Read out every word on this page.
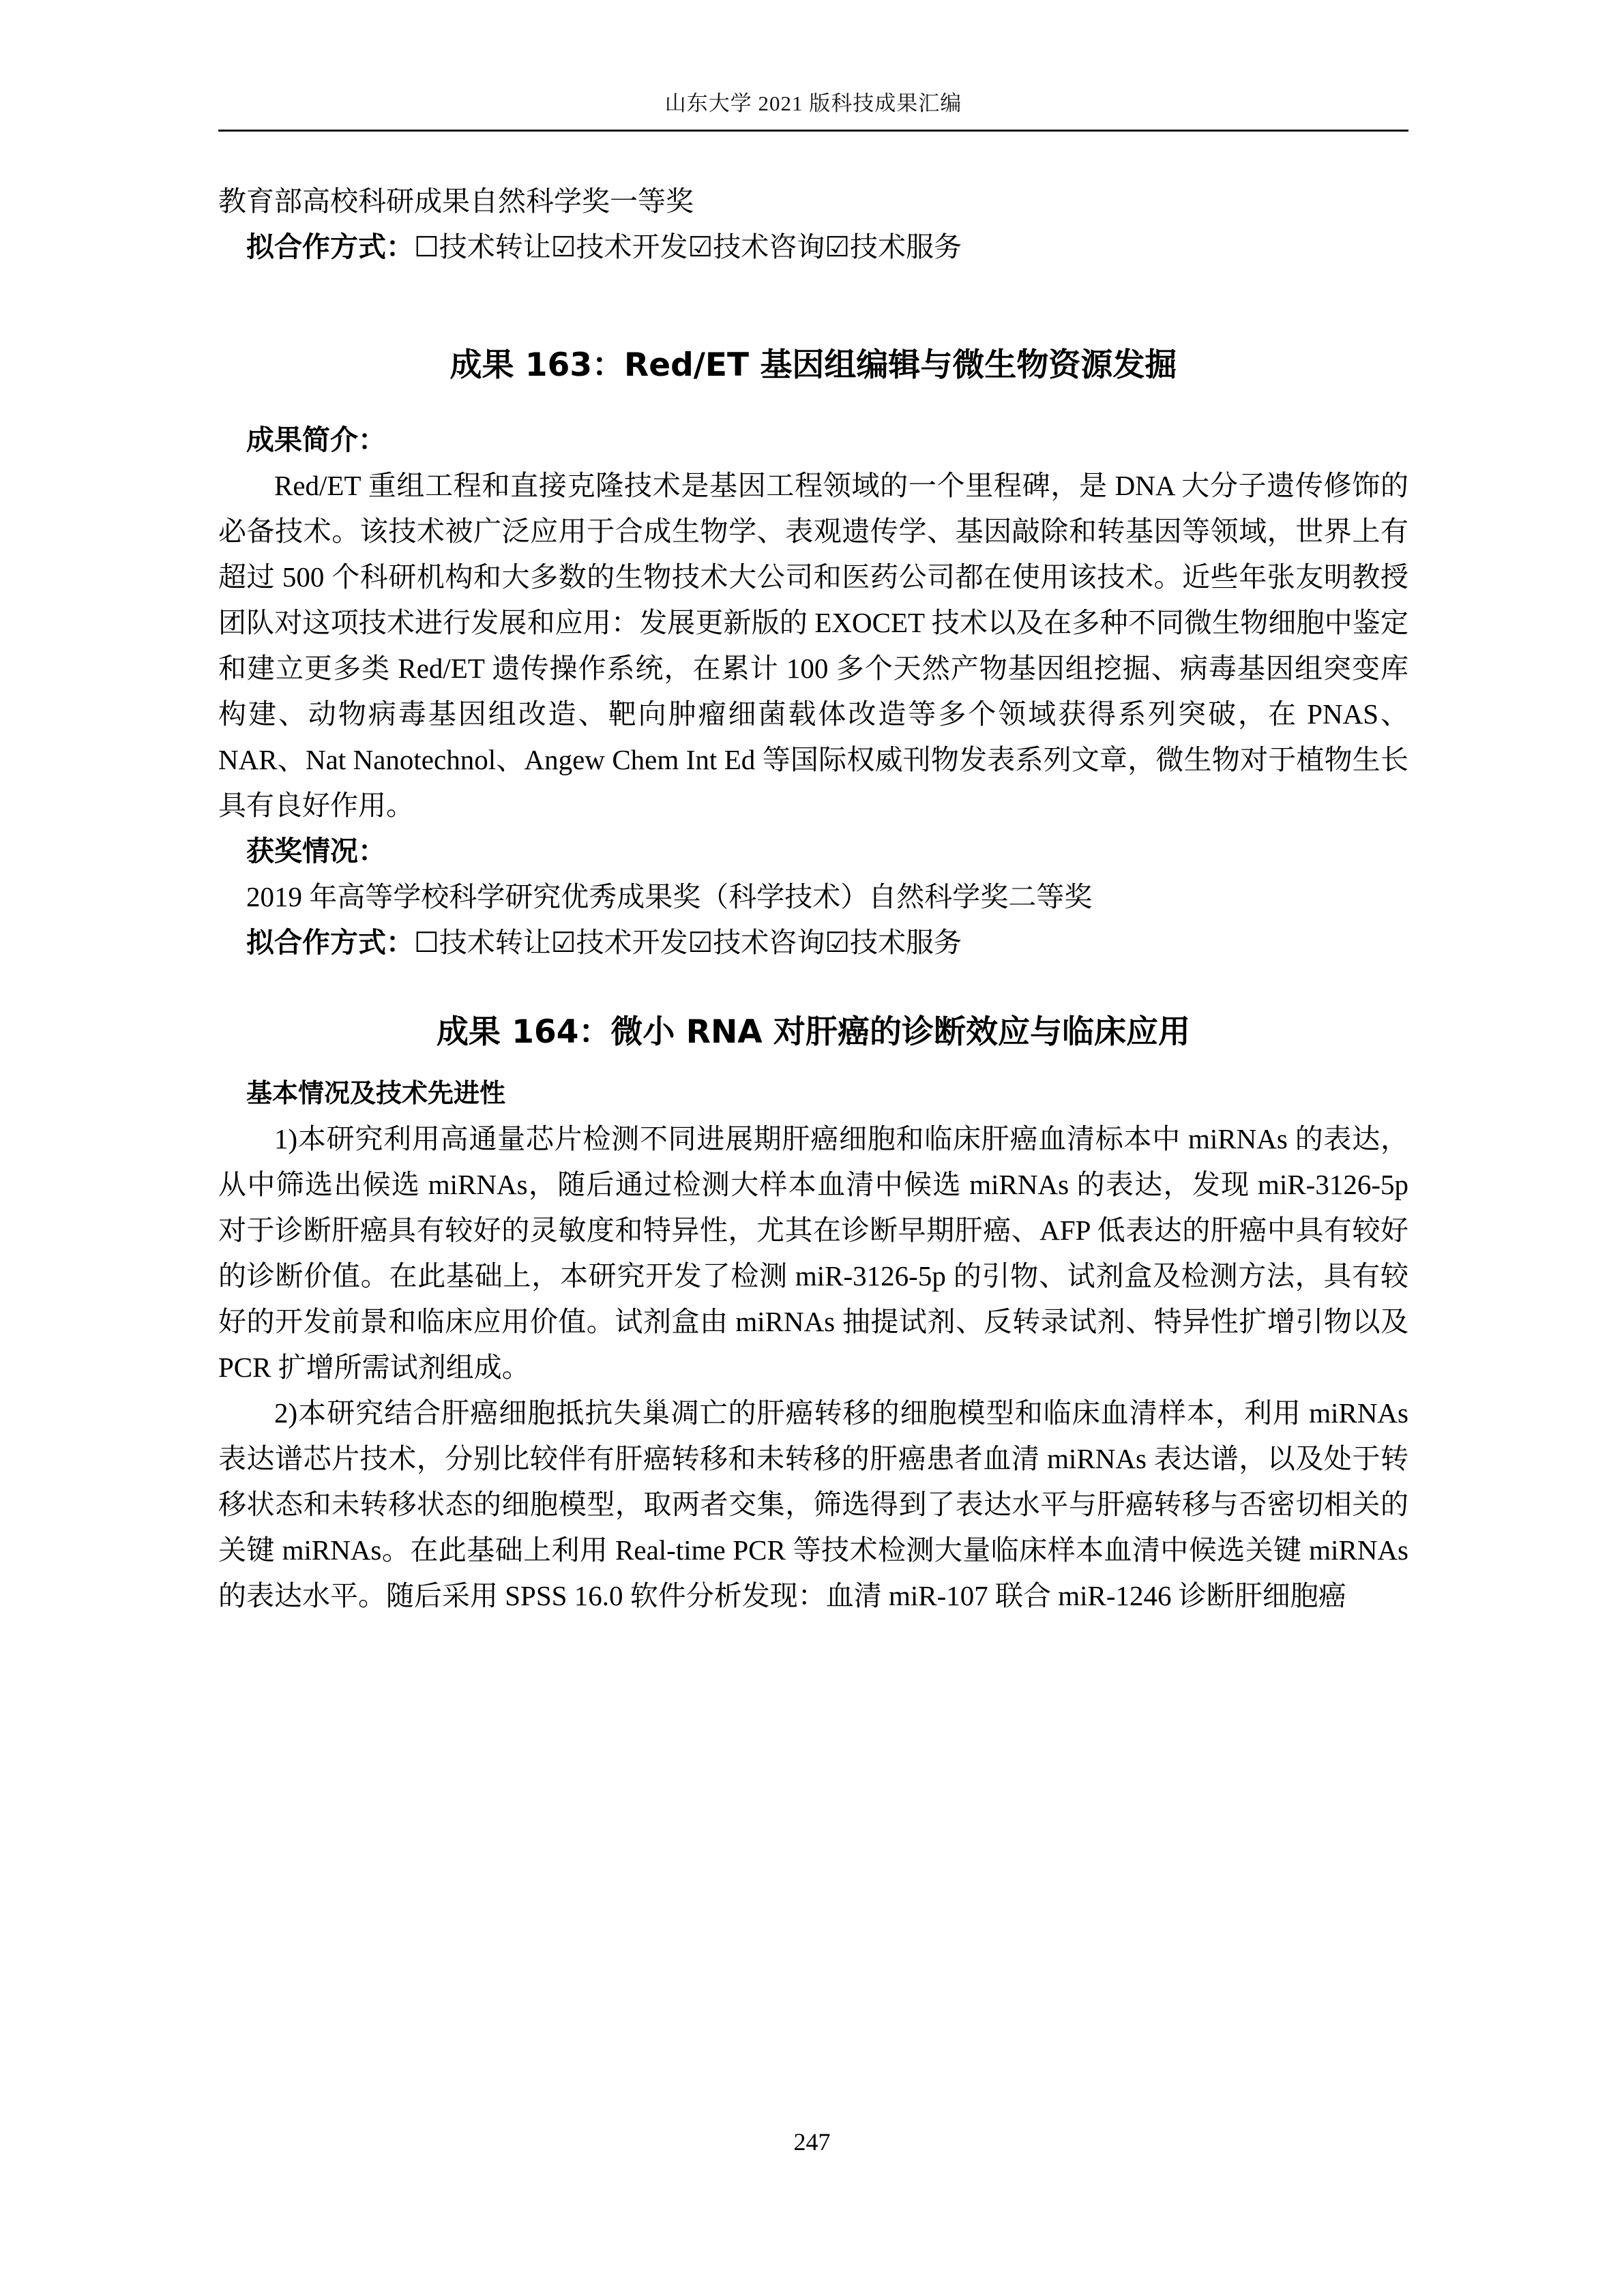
山东大学 2021 版科技成果汇编

教育部高校科研成果自然科学奖一等奖

拟合作方式：☐技术转让☑技术开发☑技术咨询☑技术服务

成果 163：Red/ET 基因组编辑与微生物资源发掘

成果简介：

Red/ET 重组工程和直接克隆技术是基因工程领域的一个里程碑，是 DNA 大分子遗传修饰的必备技术。该技术被广泛应用于合成生物学、表观遗传学、基因敲除和转基因等领域，世界上有超过 500 个科研机构和大多数的生物技术大公司和医药公司都在使用该技术。近些年张友明教授团队对这项技术进行发展和应用：发展更新版的 EXOCET 技术以及在多种不同微生物细胞中鉴定和建立更多类 Red/ET 遗传操作系统，在累计 100 多个天然产物基因组挖掘、病毒基因组突变库构建、动物病毒基因组改造、靶向肿瘤细菌载体改造等多个领域获得系列突破，在 PNAS、NAR、Nat Nanotechnol、Angew Chem Int Ed 等国际权威刊物发表系列文章，微生物对于植物生长具有良好作用。

获奖情况：

2019 年高等学校科学研究优秀成果奖（科学技术）自然科学奖二等奖

拟合作方式：☐技术转让☑技术开发☑技术咨询☑技术服务

成果 164：微小 RNA 对肝癌的诊断效应与临床应用

基本情况及技术先进性

1)本研究利用高通量芯片检测不同进展期肝癌细胞和临床肝癌血清标本中 miRNAs 的表达，从中筛选出候选 miRNAs，随后通过检测大样本血清中候选 miRNAs 的表达，发现 miR-3126-5p 对于诊断肝癌具有较好的灵敏度和特异性，尤其在诊断早期肝癌、AFP 低表达的肝癌中具有较好的诊断价值。在此基础上，本研究开发了检测 miR-3126-5p 的引物、试剂盒及检测方法，具有较好的开发前景和临床应用价值。试剂盒由 miRNAs 抽提试剂、反转录试剂、特异性扩增引物以及 PCR 扩增所需试剂组成。

2)本研究结合肝癌细胞抵抗失巢凋亡的肝癌转移的细胞模型和临床血清样本，利用 miRNAs 表达谱芯片技术，分别比较伴有肝癌转移和未转移的肝癌患者血清 miRNAs 表达谱，以及处于转移状态和未转移状态的细胞模型，取两者交集，筛选得到了表达水平与肝癌转移与否密切相关的关键 miRNAs。在此基础上利用 Real-time PCR 等技术检测大量临床样本血清中候选关键 miRNAs 的表达水平。随后采用 SPSS 16.0 软件分析发现：血清 miR-107 联合 miR-1246 诊断肝细胞癌

247
